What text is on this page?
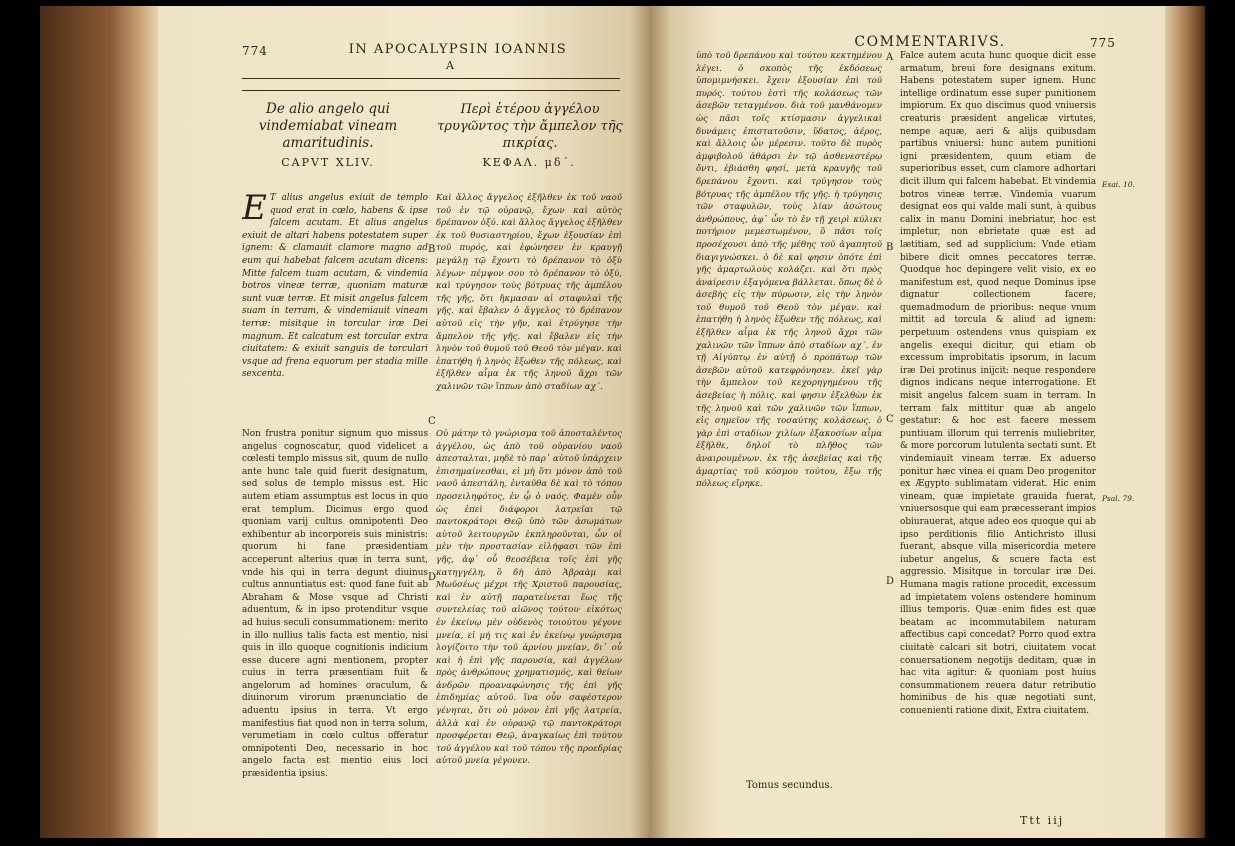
774	IN APOCALYPSIN IOANNIS
A
De alio angelo qui vindemiabat vineam amaritudinis.
Περὶ ἑτέρου ἀγγέλου τρυγῶντος τὴν ἄμπελον τῆς πικρίας.
CAPVT XLIV.	ΚΕΦΑΛ. μδ΄.
E T alius angelus exiuit de templo quod erat in cœlo, habens & ipse falcem acutam. Et alius angelus exiuit de altari habens potestatem super ignem: & clamauit clamore magno ad eum qui habebat falcem acutam dicens: Mitte falcem tuam acutam, & vindemia botros vineæ terræ, quoniam maturæ sunt vuæ terræ. Et misit angelus falcem suam in terram, & vindemiauit vineam terræ: misitque in torcular iræ Dei magnum. Et calcatum est torcular extra ciuitatem: & exiuit sanguis de torculari vsque ad frena equorum per stadia mille sexcenta.
Καὶ ἄλλος ἄγγελος ἐξῆλθεν ἐκ τοῦ ναοῦ τοῦ ἐν τῷ οὐρανῷ, ἔχων καὶ αὐτὸς δρέπανον ὀξύ. καὶ ἄλλος ἄγγελος ἐξῆλθεν ἐκ τοῦ θυσιαστηρίου, ἔχων ἐξουσίαν ἐπὶ τοῦ πυρός, καὶ ἐφώνησεν ἐν κραυγῇ μεγάλῃ τῷ ἔχοντι τὸ δρέπανον τὸ ὀξὺ λέγων· πέμψον σου τὸ δρέπανον τὸ ὀξύ, καὶ τρύγησον τοὺς βότρυας τῆς ἀμπέλου τῆς γῆς, ὅτι ἤκμασαν αἱ σταφυλαὶ τῆς γῆς. καὶ ἔβαλεν ὁ ἄγγελος τὸ δρέπανον αὐτοῦ εἰς τὴν γῆν, καὶ ἐτρύγησε τὴν ἄμπελον τῆς γῆς. καὶ ἔβαλεν εἰς τὴν ληνὸν τοῦ θυμοῦ τοῦ Θεοῦ τὸν μέγαν. καὶ ἐπατήθη ἡ ληνὸς ἔξωθεν τῆς πόλεως, καὶ ἐξῆλθεν αἷμα ἐκ τῆς ληνοῦ ἄχρι τῶν χαλινῶν τῶν ἵππων ἀπὸ σταδίων αχ΄.
B
C
D
Non frustra ponitur signum quo missus angelus cognoscatur, quod videlicet a cœlesti templo missus sit, quum de nullo ante hunc tale quid fuerit designatum, sed solus de templo missus est. Hic autem etiam assumptus est locus in quo erat templum. Dicimus ergo quod quoniam varij cultus omnipotenti Deo exhibentur ab incorporeis suis ministris: quorum hi fane præsidentiam acceperunt alterius quæ in terra sunt, vnde his qui in terra degunt diuinus cultus annuntiatus est: quod fane fuit ab Abraham & Mose vsque ad Christi aduentum, & in ipso protenditur vsque ad huius seculi consummationem: merito in illo nullius talis facta est mentio, nisi quis in illo quoque cognitionis indicium esse ducere agni mentionem, propter cuius in terra præsentiam fuit & angelorum ad homines oraculum, & diuinorum virorum prænunciatio de aduentu ipsius in terra. Vt ergo manifestius fiat quod non in terra solum, verumetiam in cœlo cultus offeratur omnipotenti Deo, necessario in hoc angelo facta est mentio eius loci præsidentia ipsius.
Οὐ μάτην τὸ γνώρισμα τοῦ ἀποσταλέντος ἀγγέλου, ὡς ἀπὸ τοῦ οὐρανίου ναοῦ ἀπεσταλται, μηδὲ τὸ παρ᾿ αὐτοῦ ὑπάρχειν ἐπισημαίνεσθαι, εἰ μὴ ὅτι μόνον ἀπὸ τοῦ ναοῦ ἀπεστάλη, ἐνταῦθα δὲ καὶ τὸ τόπου προσειληφότος, ἐν ᾧ ὁ ναός. Φαμὲν οὖν ὡς ἐπεὶ διάφοροι λατρεῖαι τῷ παντοκράτορι Θεῷ ὑπὸ τῶν ἀσωμάτων αὐτοῦ λειτουργῶν ἐκπληροῦνται, ὧν οἱ μὲν τὴν προστασίαν εἰλήφασι τῶν ἐπὶ γῆς, ἀφ᾿ οὗ θεοσέβεια τοῖς ἐπὶ γῆς κατηγγέλη, ὃ δὴ ἀπὸ Ἀβραὰμ καὶ Μωϋσέως μέχρι τῆς Χριστοῦ παρουσίας, καὶ ἐν αὐτῇ παρατείνεται ἕως τῆς συντελείας τοῦ αἰῶνος τούτου· εἰκότως ἐν ἐκείνῳ μὲν οὐδενὸς τοιούτου γέγονε μνεία, εἰ μή τις καὶ ἐν ἐκείνῳ γνώρισμα λογίζοιτο τὴν τοῦ ἀρνίου μνείαν, δι᾿ οὗ καὶ ἡ ἐπὶ γῆς παρουσία, καὶ ἀγγέλων πρὸς ἀνθρώπους χρηματισμός, καὶ θείων ἀνδρῶν προαναφώνησις τῆς ἐπὶ γῆς ἐπιδημίας αὐτοῦ. ἵνα οὖν σαφέστερον γένηται, ὅτι οὐ μόνον ἐπὶ γῆς λατρεία, ἀλλὰ καὶ ἐν οὐρανῷ τῷ παντοκράτορι προσφέρεται Θεῷ, ἀναγκαίως ἐπὶ τούτου τοῦ ἀγγέλου καὶ τοῦ τόπου τῆς προεδρίας αὐτοῦ μνεία γέγονεν.
COMMENTARIVS.	775
ὑπὸ τοῦ δρεπάνου καὶ τούτου κεκτημένου λέγει. ὁ σκοπὸς τῆς ἐκδόσεως ὑπομιμνήσκει. ἔχειν ἐξουσίαν ἐπὶ τοῦ πυρός. τούτου ἐστὶ τῆς κολάσεως τῶν ἀσεβῶν τεταγμένου. διὰ τοῦ μανθάνομεν ὡς πᾶσι τοῖς κτίσμασιν ἀγγελικαὶ δυνάμεις ἐπιστατοῦσιν, ὕδατος, ἀέρος, καὶ ἄλλοις ὧν μέρεσιν. τοῦτο δὲ πυρὸς ἀμφιβολοῦ ἀθάρσι ἐν τῷ ἀσθενεστέρῳ ὄντι, ἐβιάσθη φησί, μετὰ κραυγῆς τοῦ δρεπάνου ἔχοντι. καὶ τρύγησον τοὺς βότρυας τῆς ἀμπέλου τῆς γῆς. ἡ τρύγησις τῶν σταφυλῶν, τοὺς λίαν ἀσώτους ἀνθρώπους, ἀφ᾿ ὧν τὸ ἐν τῇ χειρὶ κύλικι ποτήριον μεμεστωμένον, ὃ πᾶσι τοῖς προσέχουσι ἀπὸ τῆς μέθης τοῦ ἀγαπητοῦ διαγιγνώσκει. ὁ δὲ καὶ φησιν ὁπότε ἐπὶ γῆς ἁμαρτωλοὺς κολάζει. καὶ ὅτι πρὸς ἀναίρεσιν ἐξαγόμενα βάλλεται. ὅπως δὲ ὁ ἀσεβὴς εἰς τὴν πύρωσιν, εἰς τὴν ληνὸν τοῦ θυμοῦ τοῦ Θεοῦ τὸν μέγαν. καὶ ἐπατήθη ἡ ληνὸς ἔξωθεν τῆς πόλεως, καὶ ἐξῆλθεν αἷμα ἐκ τῆς ληνοῦ ἄχρι τῶν χαλινῶν τῶν ἵππων ἀπὸ σταδίων αχ΄. ἐν τῇ Αἰγύπτῳ ἐν αὐτῇ ὁ προπάτωρ τῶν ἀσεβῶν αὐτοῦ κατεφρόνησεν. ἐκεῖ γὰρ τὴν ἄμπελον τοῦ κεχορηγημένου τῆς ἀσεβείας ἡ πόλις. καὶ φησιν ἐξελθὼν ἐκ τῆς ληνοῦ καὶ τῶν χαλινῶν τῶν ἵππων, εἰς σημεῖον τῆς τοσαύτης κολάσεως. ὁ γὰρ ἐπὶ σταδίων χιλίων ἑξακοσίων αἷμα ἐξῆλθε, δηλοῖ τὸ πλῆθος τῶν ἀναιρουμένων. ἐκ τῆς ἀσεβείας καὶ τῆς ἁμαρτίας τοῦ κόσμου τούτου, ἔξω τῆς πόλεως εἴρηκε.
Falce autem acuta hunc quoque dicit esse armatum, breui fore designans exitum. Habens potestatem super ignem. Hunc intellige ordinatum esse super punitionem impiorum. Ex quo discimus quod vniuersis creaturis præsident angelicæ virtutes, nempe aquæ, aeri & alijs quibusdam partibus vniuersi: hunc autem punitioni igni præsidentem, quum etiam de superioribus esset, cum clamore adhortari dicit illum qui falcem habebat. Et vindemia botros vineæ terræ. Vindemia vuarum designat eos qui valde mali sunt, à quibus calix in manu Domini inebriatur, hoc est impletur, non ebrietate quæ est ad lætitiam, sed ad supplicium: Vnde etiam bibere dicit omnes peccatores terræ. Quodque hoc depingere velit visio, ex eo manifestum est, quod neque Dominus ipse dignatur collectionem facere, quemadmodum de prioribus: neque vnum mittit ad torcula & aliud ad ignem: perpetuum ostendens vnus quispiam ex angelis exequi dicitur, qui etiam ob excessum improbitatis ipsorum, in lacum iræ Dei protinus inijcit: neque respondere dignos indicans neque interrogatione. Et misit angelus falcem suam in terram. In terram falx mittitur quæ ab angelo gestatur: & hoc est facere messem puntiuam illorum qui terrenis muliebriter, & more porcorum lutulenta sectati sunt. Et vindemiauit vineam terræ. Ex aduerso ponitur hæc vinea ei quam Deo progenitor ex Ægypto sublimatam viderat. Hic enim vineam, quæ impietate grauida fuerat, vniuersosque qui eam præcesserant impios obiurauerat, atque adeo eos quoque qui ab ipso perditionis filio Antichristo illusi fuerant, absque villa misericordia metere iubetur angelus, & scuere facta est aggressio. Misitque in torcular iræ Dei. Humana magis ratione procedit, excessum ad impietatem volens ostendere hominum illius temporis. Quæ enim fides est quæ beatam ac incommutabilem naturam affectibus capi concedat? Porro quod extra ciuitatè calcari sit botri, ciuitatem vocat conuersationem negotijs deditam, quæ in hac vita agitur: & quoniam post huius consummationem reuera datur retributio hominibus de his quæ negotiati sunt, conuenienti ratione dixit, Extra ciuitatem.
A
B
C
D
Esai. 10.
Psal. 79.
Tomus secundus.
Ttt iij
